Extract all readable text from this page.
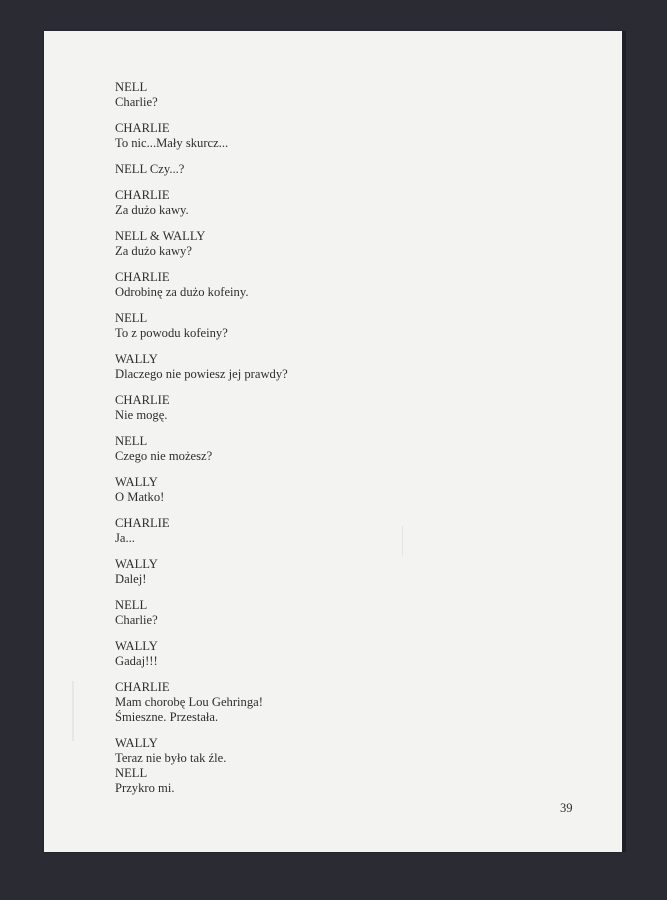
NELL
Charlie?
CHARLIE
To nic...Mały skurcz...
NELL Czy...?
CHARLIE
Za dużo kawy.
NELL & WALLY
Za dużo kawy?
CHARLIE
Odrobinę za dużo kofeiny.
NELL
To z powodu kofeiny?
WALLY
Dlaczego nie powiesz jej prawdy?
CHARLIE
Nie mogę.
NELL
Czego nie możesz?
WALLY
O Matko!
CHARLIE
Ja...
WALLY
Dalej!
NELL
Charlie?
WALLY
Gadaj!!!
CHARLIE
Mam chorobę Lou Gehringa!
Śmieszne. Przestała.
WALLY
Teraz nie było tak źle.
NELL
Przykro mi.
39
